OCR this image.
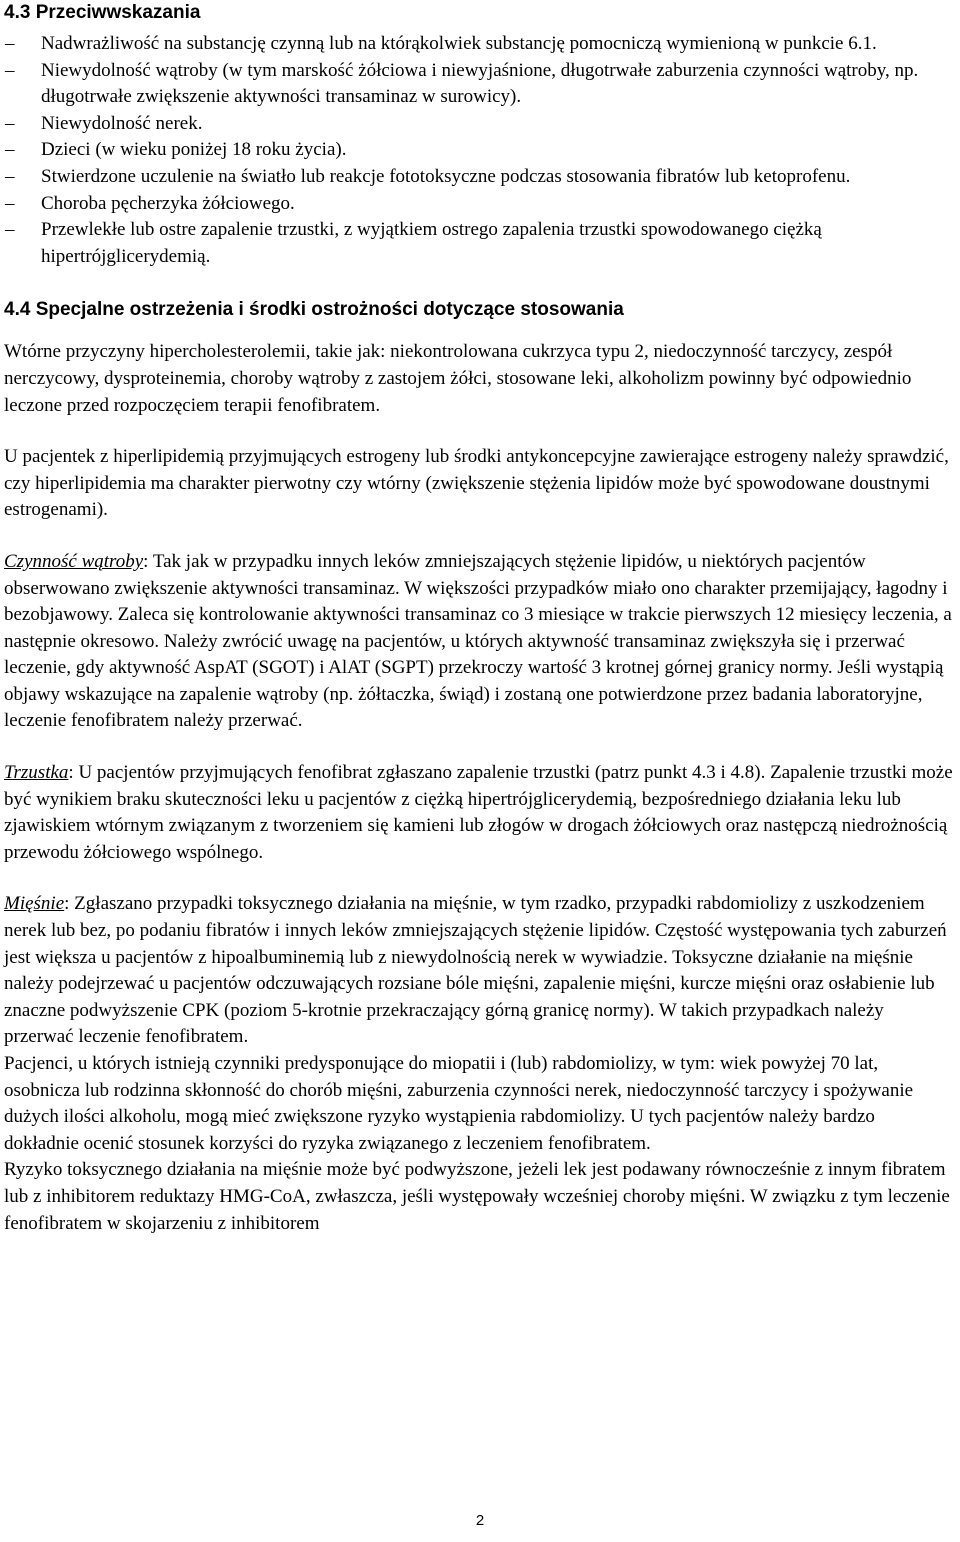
4.3 Przeciwwskazania
– Nadwrażliwość na substancję czynną lub na którąkolwiek substancję pomocniczą wymienioną w punkcie 6.1.
– Niewydolność wątroby (w tym marskość żółciowa i niewyjaśnione, długotrwałe zaburzenia czynności wątroby, np. długotrwałe zwiększenie aktywności transaminaz w surowicy).
– Niewydolność nerek.
– Dzieci (w wieku poniżej 18 roku życia).
– Stwierdzone uczulenie na światło lub reakcje fototoksyczne podczas stosowania fibratów lub ketoprofenu.
– Choroba pęcherzyka żółciowego.
– Przewlekłe lub ostre zapalenie trzustki, z wyjątkiem ostrego zapalenia trzustki spowodowanego ciężką hipertrójglicerydemią.
4.4 Specjalne ostrzeżenia i środki ostrożności dotyczące stosowania

Wtórne przyczyny hipercholesterolemii, takie jak: niekontrolowana cukrzyca typu 2, niedoczynność tarczycy, zespół nerczycowy, dysproteinemia, choroby wątroby z zastojem żółci, stosowane leki, alkoholizm powinny być odpowiednio leczone przed rozpoczęciem terapii fenofibratem.

U pacjentek z hiperlipidemią przyjmujących estrogeny lub środki antykoncepcyjne zawierające estrogeny należy sprawdzić, czy hiperlipidemia ma charakter pierwotny czy wtórny (zwiększenie stężenia lipidów może być spowodowane doustnymi estrogenami).

Czynność wątroby: Tak jak w przypadku innych leków zmniejszających stężenie lipidów, u niektórych pacjentów obserwowano zwiększenie aktywności transaminaz. W większości przypadków miało ono charakter przemijający, łagodny i bezobjawowy. Zaleca się kontrolowanie aktywności transaminaz co 3 miesiące w trakcie pierwszych 12 miesięcy leczenia, a następnie okresowo. Należy zwrócić uwagę na pacjentów, u których aktywność transaminaz zwiększyła się i przerwać leczenie, gdy aktywność AspAT (SGOT) i AlAT (SGPT) przekroczy wartość 3 krotnej górnej granicy normy. Jeśli wystąpią objawy wskazujące na zapalenie wątroby (np. żółtaczka, świąd) i zostaną one potwierdzone przez badania laboratoryjne, leczenie fenofibratem należy przerwać.

Trzustka: U pacjentów przyjmujących fenofibrat zgłaszano zapalenie trzustki (patrz punkt 4.3 i 4.8). Zapalenie trzustki może być wynikiem braku skuteczności leku u pacjentów z ciężką hipertrójglicerydemią, bezpośredniego działania leku lub zjawiskiem wtórnym związanym z tworzeniem się kamieni lub złogów w drogach żółciowych oraz następczą niedrożnością przewodu żółciowego wspólnego.

Mięśnie: Zgłaszano przypadki toksycznego działania na mięśnie, w tym rzadko, przypadki rabdomiolizy z uszkodzeniem nerek lub bez, po podaniu fibratów i innych leków zmniejszających stężenie lipidów. Częstość występowania tych zaburzeń jest większa u pacjentów z hipoalbuminemią lub z niewydolnością nerek w wywiadzie. Toksyczne działanie na mięśnie należy podejrzewać u pacjentów odczuwających rozsiane bóle mięśni, zapalenie mięśni, kurcze mięśni oraz osłabienie lub znaczne podwyższenie CPK (poziom 5-krotnie przekraczający górną granicę normy). W takich przypadkach należy przerwać leczenie fenofibratem.

Pacjenci, u których istnieją czynniki predysponujące do miopatii i (lub) rabdomiolizy, w tym: wiek powyżej 70 lat, osobnicza lub rodzinna skłonność do chorób mięśni, zaburzenia czynności nerek, niedoczynność tarczycy i spożywanie dużych ilości alkoholu, mogą mieć zwiększone ryzyko wystąpienia rabdomiolizy. U tych pacjentów należy bardzo dokładnie ocenić stosunek korzyści do ryzyka związanego z leczeniem fenofibratem.

Ryzyko toksycznego działania na mięśnie może być podwyższone, jeżeli lek jest podawany równocześnie z innym fibratem lub z inhibitorem reduktazy HMG-CoA, zwłaszcza, jeśli występowały wcześniej choroby mięśni. W związku z tym leczenie fenofibratem w skojarzeniu z inhibitorem

2
